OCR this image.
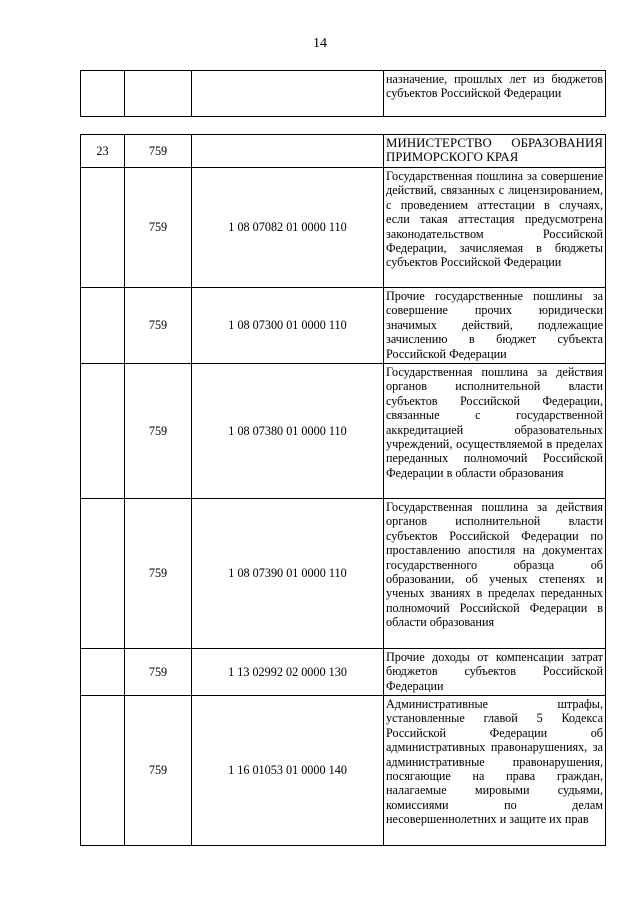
14
			назначение, прошлых лет из бюджетов субъектов Российской Федерации
23	759		МИНИСТЕРСТВО ОБРАЗОВАНИЯ ПРИМОРСКОГО КРАЯ
	759	1 08 07082 01 0000 110	Государственная пошлина за совершение действий, связанных с лицензированием, с проведением аттестации в случаях, если такая аттестация предусмотрена законодательством Российской Федерации, зачисляемая в бюджеты субъектов Российской Федерации
	759	1 08 07300 01 0000 110	Прочие государственные пошлины за совершение прочих юридически значимых действий, подлежащие зачислению в бюджет субъекта Российской Федерации
	759	1 08 07380 01 0000 110	Государственная пошлина за действия органов исполнительной власти субъектов Российской Федерации, связанные с государственной аккредитацией образовательных учреждений, осуществляемой в пределах переданных полномочий Российской Федерации в области образования
	759	1 08 07390 01 0000 110	Государственная пошлина за действия органов исполнительной власти субъектов Российской Федерации по проставлению апостиля на документах государственного образца об образовании, об ученых степенях и ученых званиях в пределах переданных полномочий Российской Федерации в области образования
	759	1 13 02992 02 0000 130	Прочие доходы от компенсации затрат бюджетов субъектов Российской Федерации
	759	1 16 01053 01 0000 140	Административные штрафы, установленные главой 5 Кодекса Российской Федерации об административных правонарушениях, за административные правонарушения, посягающие на права граждан, налагаемые мировыми судьями, комиссиями по делам несовершеннолетних и защите их прав
